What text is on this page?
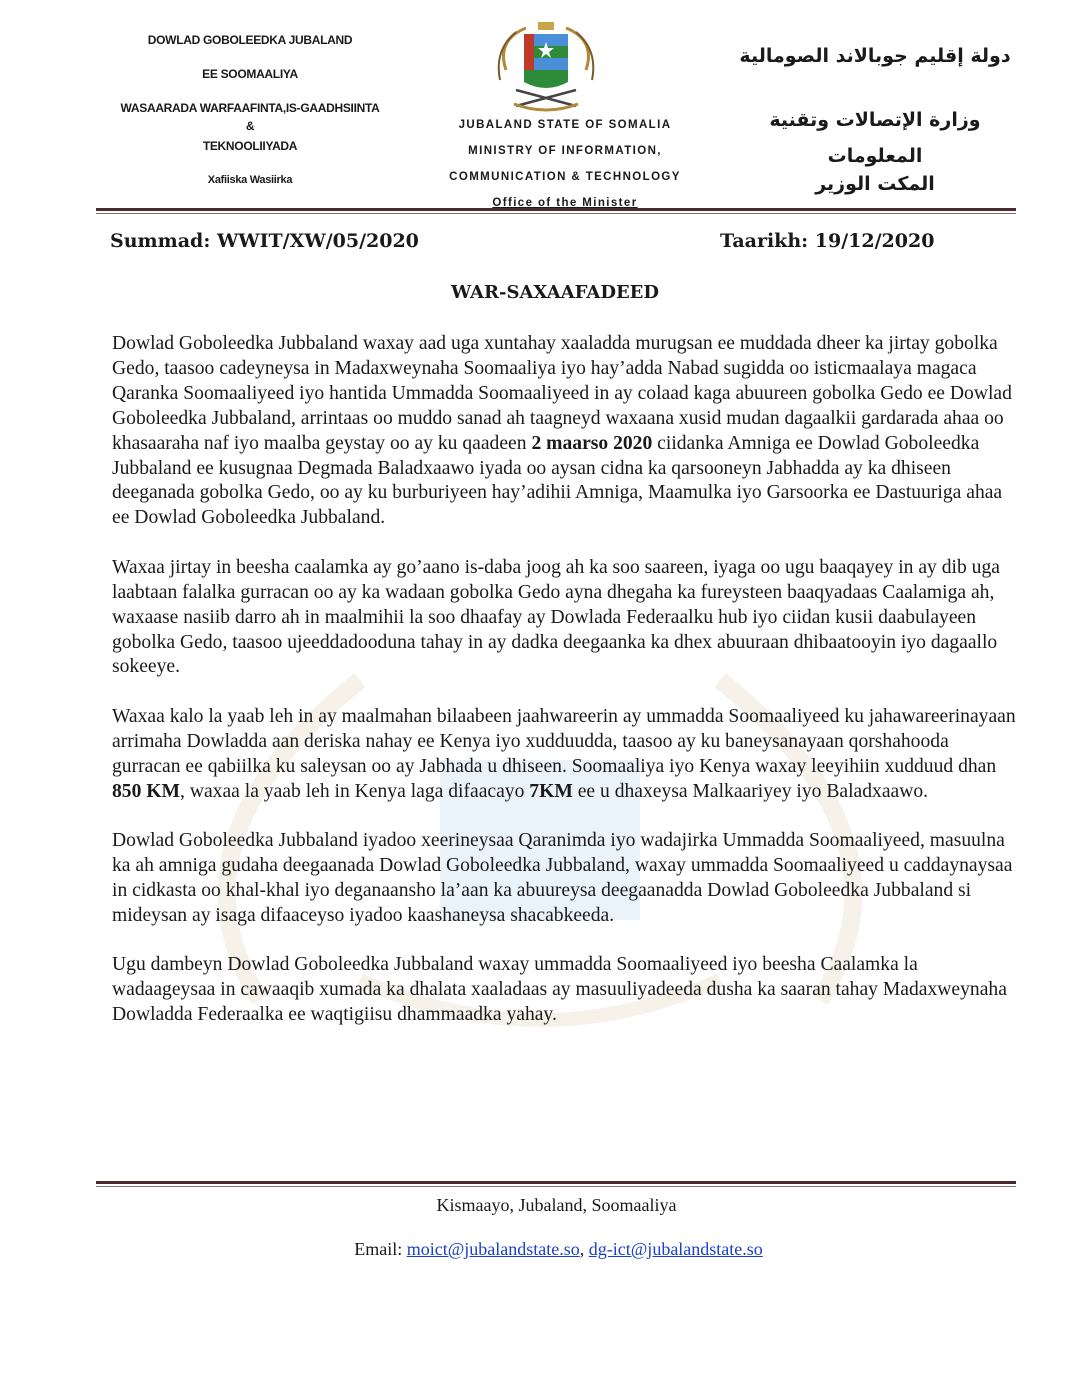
DOWLAD GOBOLEEDKA JUBALAND
EE SOOMAALIYA
WASAARADA WARFAAFINTA,IS-GAADHSIINTA
&
TEKNOOLIIYADA
Xafiiska Wasiirka
JUBALAND STATE OF SOMALIA
MINISTRY OF INFORMATION,
COMMUNICATION & TECHNOLOGY
Office of the Minister
دولة إقليم جوبالاند الصومالية
وزارة الإتصالات وتقنية المعلومات
المكت الوزير
Summad: WWIT/XW/05/2020	Taarikh: 19/12/2020
WAR-SAXAAFADEED

Dowlad Goboleedka Jubbaland waxay aad uga xuntahay xaaladda murugsan ee muddada dheer ka jirtay gobolka Gedo, taasoo cadeyneysa in Madaxweynaha Soomaaliya iyo hay’adda Nabad sugidda oo isticmaalaya magaca Qaranka Soomaaliyeed iyo hantida Ummadda Soomaaliyeed in ay colaad kaga abuureen gobolka Gedo ee Dowlad Goboleedka Jubbaland, arrintaas oo muddo sanad ah taagneyd waxaana xusid mudan dagaalkii gardarada ahaa oo khasaaraha naf iyo maalba geystay oo ay ku qaadeen 2 maarso 2020 ciidanka Amniga ee Dowlad Goboleedka Jubbaland ee kusugnaa Degmada Baladxaawo iyada oo aysan cidna ka qarsooneyn Jabhadda ay ka dhiseen deeganada gobolka Gedo, oo ay ku burburiyeen hay’adihii Amniga, Maamulka iyo Garsoorka ee Dastuuriga ahaa ee Dowlad Goboleedka Jubbaland.

Waxaa jirtay in beesha caalamka ay go’aano is-daba joog ah ka soo saareen, iyaga oo ugu baaqayey in ay dib uga laabtaan falalka gurracan oo ay ka wadaan gobolka Gedo ayna dhegaha ka fureysteen baaqyadaas Caalamiga ah, waxaase nasiib darro ah in maalmihii la soo dhaafay ay Dowlada Federaalku hub iyo ciidan kusii daabulayeen gobolka Gedo, taasoo ujeeddadooduna tahay in ay dadka deegaanka ka dhex abuuraan dhibaatooyin iyo dagaallo sokeeye.

Waxaa kalo la yaab leh in ay maalmahan bilaabeen jaahwareerin ay ummadda Soomaaliyeed ku jahawareerinayaan arrimaha Dowladda aan deriska nahay ee Kenya iyo xudduudda, taasoo ay ku baneysanayaan qorshahooda gurracan ee qabiilka ku saleysan oo ay Jabhada u dhiseen. Soomaaliya iyo Kenya waxay leeyihiin xudduud dhan 850 KM, waxaa la yaab leh in Kenya laga difaacayo 7KM ee u dhaxeysa Malkaariyey iyo Baladxaawo.

Dowlad Goboleedka Jubbaland iyadoo xeerineysaa Qaranimda iyo wadajirka Ummadda Soomaaliyeed, masuulna ka ah amniga gudaha deegaanada Dowlad Goboleedka Jubbaland, waxay ummadda Soomaaliyeed u caddaynaysaa in cidkasta oo khal-khal iyo deganaansho la’aan ka abuureysa deegaanadda Dowlad Goboleedka Jubbaland si mideysan ay isaga difaaceyso iyadoo kaashaneysa shacabkeeda.

Ugu dambeyn Dowlad Goboleedka Jubbaland waxay ummadda Soomaaliyeed iyo beesha Caalamka la wadaageysaa in cawaaqib xumada ka dhalata xaaladaas ay masuuliyadeeda dusha ka saaran tahay Madaxweynaha Dowladda Federaalka ee waqtigiisu dhammaadka yahay.

Kismaayo, Jubaland, Soomaaliya
Email: moict@jubalandstate.so, dg-ict@jubalandstate.so
